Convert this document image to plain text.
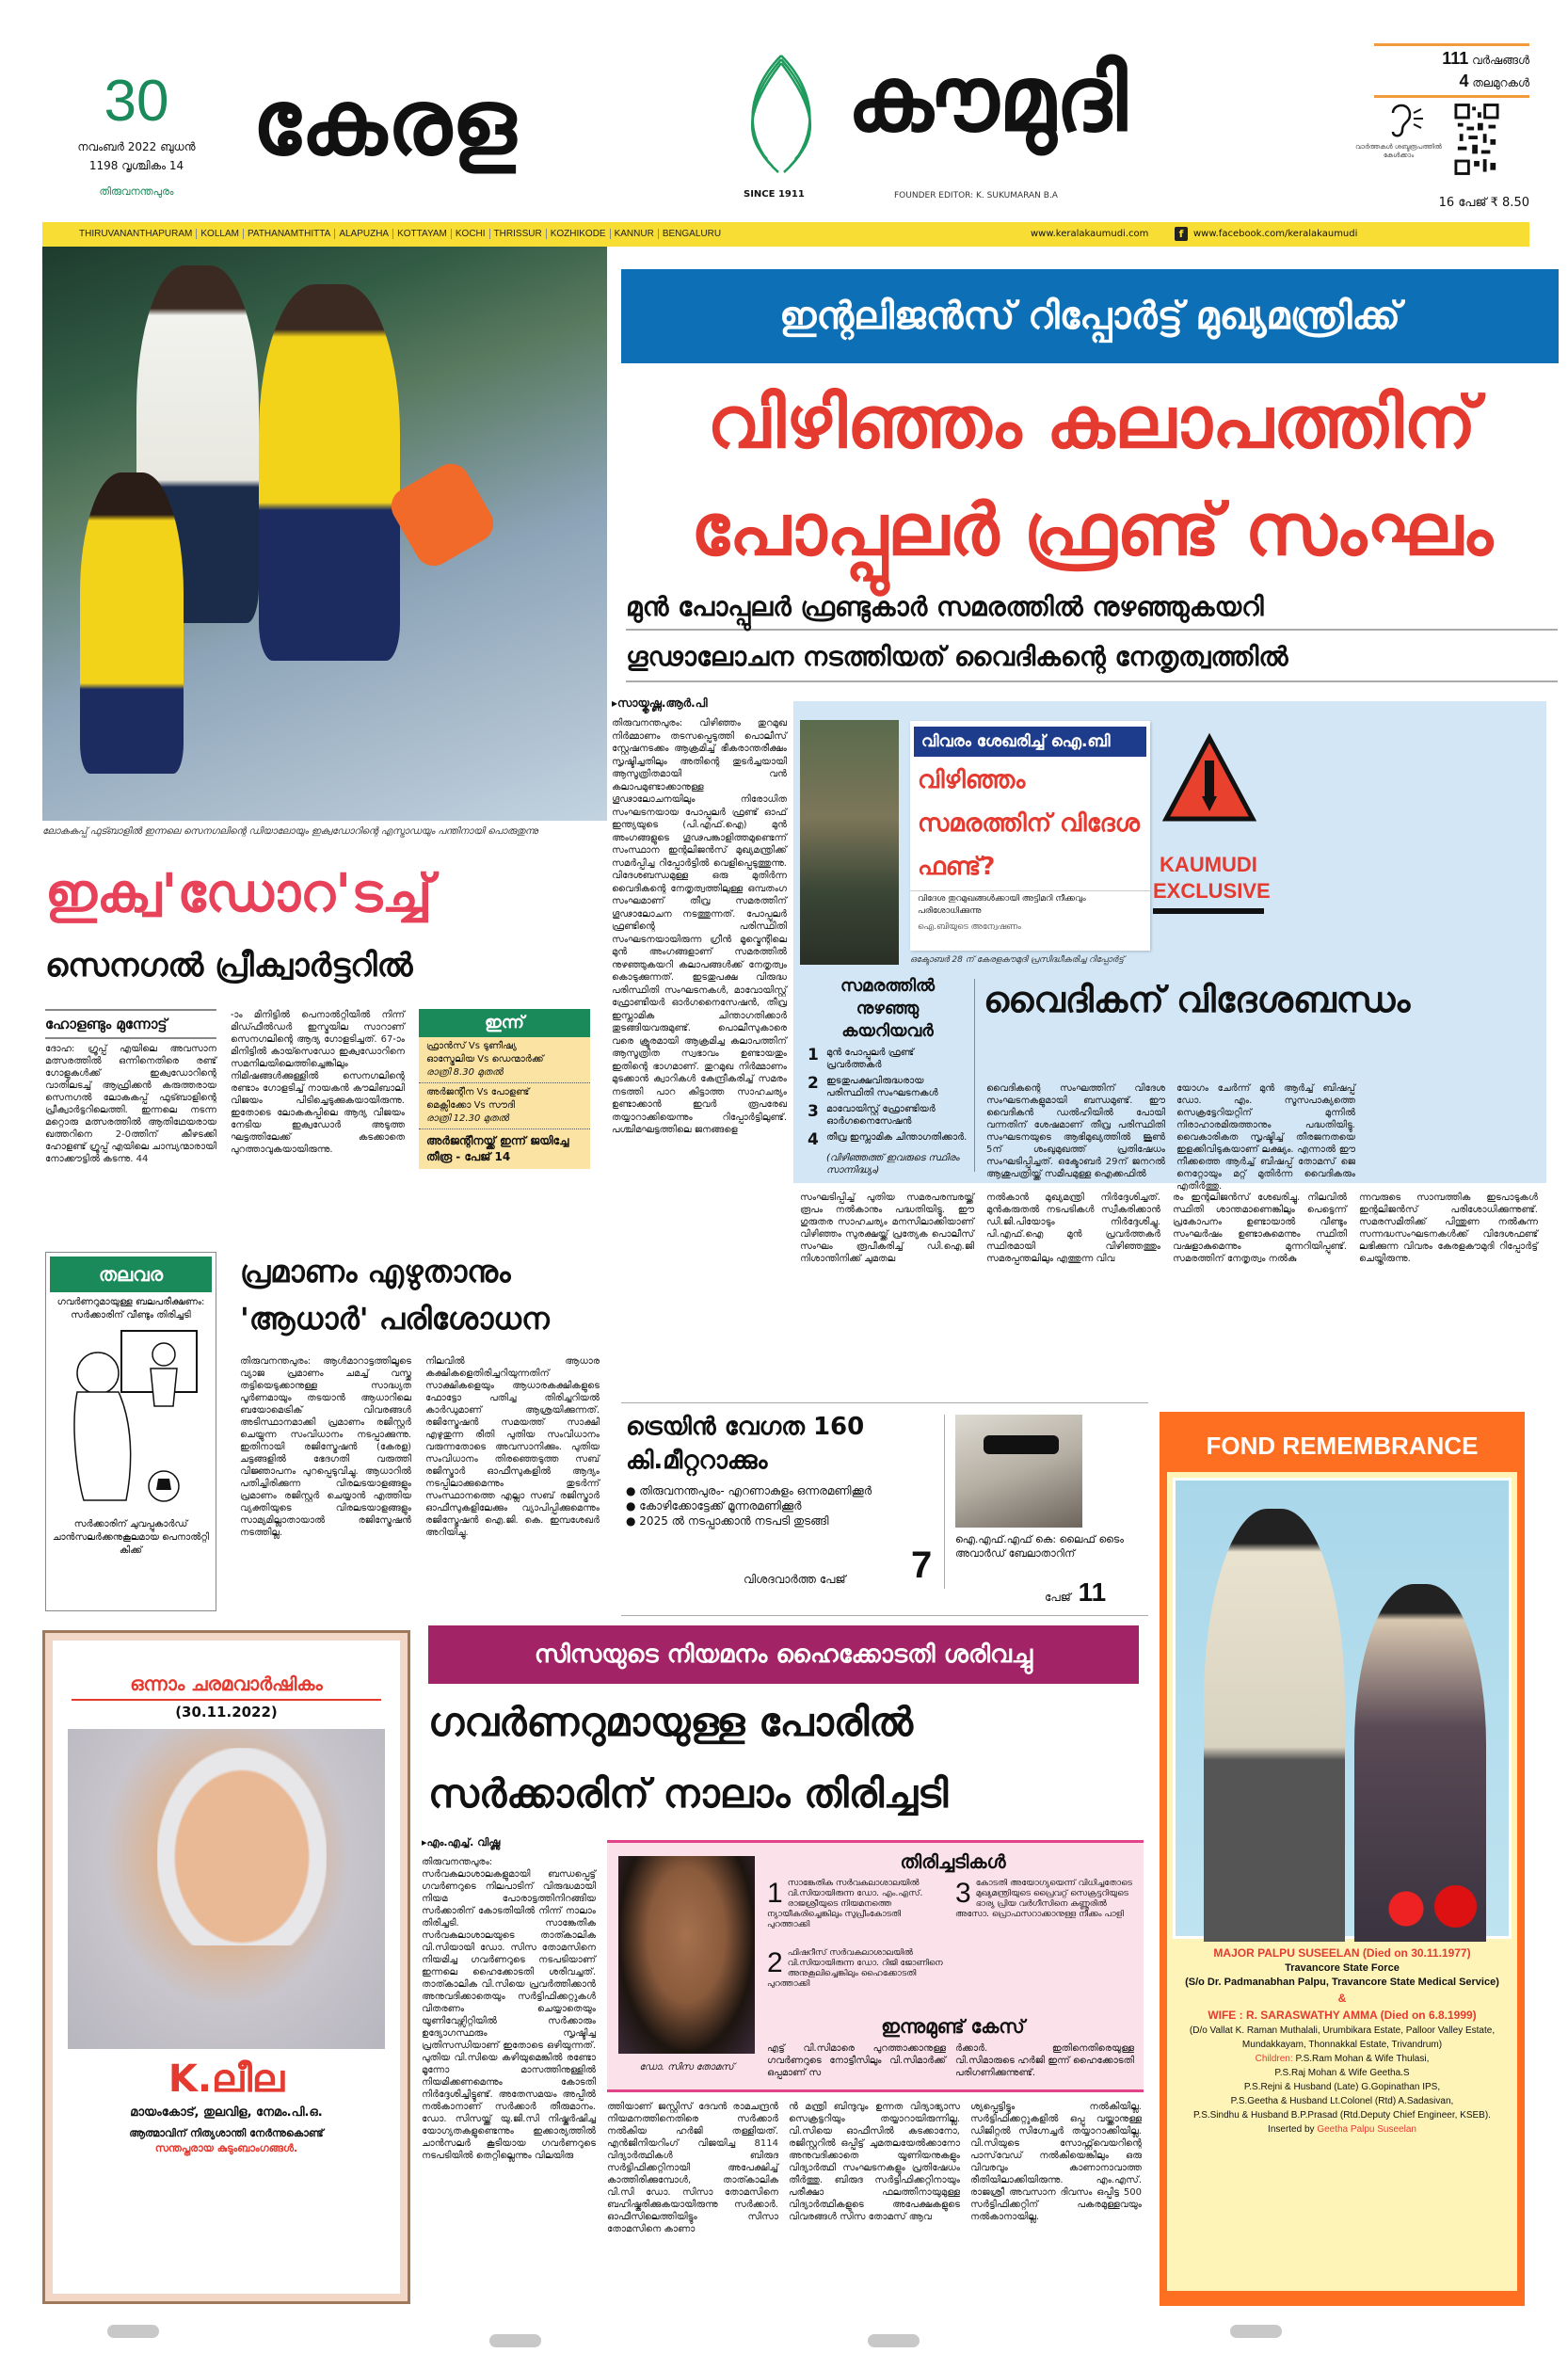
30
നവംബർ 2022 ബുധൻ
1198 വൃശ്ചികം 14
തിരുവനന്തപുരം
കേരള
SINCE 1911
കൗമുദി
FOUNDER EDITOR: K. SUKUMARAN B.A
111 വർഷങ്ങൾ
4 തലമുറകൾ
വാർത്തകൾ ശബ്ദരൂപത്തിൽ കേൾക്കാം
16 പേജ് ₹ 8.50
THIRUVANANTHAPURAM KOLLAM PATHANAMTHITTA ALAPUZHA KOTTAYAM KOCHI THRISSUR KOZHIKODE KANNUR BENGALURU	www.keralakaumudi.com	f	www.facebook.com/keralakaumudi
ലോകകപ്പ് ഫുട്ബാളിൽ ഇന്നലെ സെനഗലിന്റെ ഡിയാലോയും ഇക്വഡോറിന്റെ എസ്ട്രാഡയും പന്തിനായി പൊരുതുന്നു
ഇക്വ'ഡോറ'ടച്ച്
സെനഗൽ പ്രീക്വാർട്ടറിൽ
ഹോളണ്ടും മുന്നോട്ട്
ദോഹ: ഗ്രൂപ്പ് എയിലെ അവസാന മത്സരത്തിൽ ഒന്നിനെതിരെ രണ്ട് ഗോളുകൾക്ക് ഇക്വഡോറിന്റെ വാതിലടച്ച് ആഫ്രിക്കൻ കരുത്തരായ സെനഗൽ ലോകകപ്പ് ഫുട്ബാളിന്റെ പ്രീക്വാർട്ടറിലെത്തി. ഇന്നലെ നടന്ന മറ്റൊരു മത്സരത്തിൽ ആതിഥേയരായ ഖത്തറിനെ 2-0ത്തിന് കീഴടക്കി ഹോളണ്ട് ഗ്രൂപ്പ് എയിലെ ചാമ്പ്യന്മാരായി നോക്കൗട്ടിൽ കടന്നു. 44
-ാം മിനിട്ടിൽ പെനാൽറ്റിയിൽ നിന്ന് മിഡ്ഫീൽഡർ ഇസ്മയില സാറാണ് സെനഗലിന്റെ ആദ്യ ഗോളടിച്ചത്. 67-ാം മിനിട്ടിൽ കായ്സെഡോ ഇക്വഡോറിനെ സമനിലയിലെത്തിച്ചെങ്കിലും നിമിഷങ്ങൾക്കുള്ളിൽ സെനഗലിന്റെ രണ്ടാം ഗോളടിച്ച് നായകൻ കൗലിബാലി വിജയം പിടിച്ചെടുക്കുകയായിരുന്നു. ഇതോടെ ലോകകപ്പിലെ ആദ്യ വിജയം നേടിയ ഇക്വഡോർ അടുത്ത ഘട്ടത്തിലേക്ക് കടക്കാതെ പുറത്താവുകയായിരുന്നു.
ഇന്ന്
ഫ്രാൻസ് Vs ടുണീഷ്യ
ഓസ്ട്രേലിയ Vs ഡെന്മാർക്ക്
രാത്രി 8.30 മുതൽ
അർജന്റീന Vs പോളണ്ട്
മെക്സിക്കോ Vs സൗദി
രാത്രി 12.30 മുതൽ
അർജന്റീനയ്ക്ക് ഇന്ന് ജയിച്ചേ തീരൂ - പേജ് 14
തലവര
ഗവർണറുമായുള്ള ബലപരീക്ഷണം: സർക്കാരിന് വീണ്ടും തിരിച്ചടി
സർക്കാരിന് ചുവപ്പുകാർഡ് ചാൻസലർക്കനുകൂലമായ പെനാൽറ്റി കിക്ക്
പ്രമാണം എഴുതാനും 'ആധാർ' പരിശോധന
തിരുവനന്തപുരം: ആൾമാറാട്ടത്തിലൂടെ വ്യാജ പ്രമാണം ചമച്ച് വസ്തു തട്ടിയെടുക്കാനുള്ള സാദ്ധ്യത പൂർണമായും തടയാൻ ആധാറിലെ ബയോമെട്രിക് വിവരങ്ങൾ അടിസ്ഥാനമാക്കി പ്രമാണം രജിസ്റ്റർ ചെയ്യുന്ന സംവിധാനം നടപ്പാക്കുന്നു. ഇതിനായി രജിസ്ട്രേഷൻ (കേരള) ചട്ടങ്ങളിൽ ഭേദഗതി വരുത്തി വിജ്ഞാപനം പുറപ്പെടുവിച്ചു. ആധാറിൽ പതിച്ചിരിക്കുന്ന വിരലടയാളങ്ങളും പ്രമാണം രജിസ്റ്റർ ചെയ്യാൻ എത്തിയ വ്യക്തിയുടെ വിരലടയാളങ്ങളും സാമ്യമില്ലാതായാൽ രജിസ്ട്രേഷൻ നടത്തില്ല.
നിലവിൽ ആധാര കക്ഷികളെതിരിച്ചറിയുന്നതിന് സാക്ഷികളെയും ആധാരകക്ഷികളുടെ ഫോട്ടോ പതിച്ച തിരിച്ചറിയൽ കാർഡുമാണ് ആശ്രയിക്കുന്നത്. രജിസ്ട്രേഷൻ സമയത്ത് സാക്ഷി എഴുതുന്ന രീതി പുതിയ സംവിധാനം വരുന്നതോടെ അവസാനിക്കും. പുതിയ സംവിധാനം തിരഞ്ഞെടുത്ത സബ് രജിസ്ട്രാർ ഓഫീസുകളിൽ ആദ്യം നടപ്പിലാക്കുമെന്നും തുടർന്ന് സംസ്ഥാനത്തെ എല്ലാ സബ് രജിസ്ട്രാർ ഓഫീസുകളിലേക്കും വ്യാപിപ്പിക്കുമെന്നും രജിസ്ട്രേഷൻ ഐ.ജി. കെ. ഇമ്പശേഖർ അറിയിച്ചു.
ഇന്റലിജൻസ് റിപ്പോർട്ട് മുഖ്യമന്ത്രിക്ക്
വിഴിഞ്ഞം കലാപത്തിന്
പോപ്പുലർ ഫ്രണ്ട് സംഘം
മുൻ പോപ്പുലർ ഫ്രണ്ടുകാർ സമരത്തിൽ നുഴഞ്ഞുകയറി
ഗൂഢാലോചന നടത്തിയത് വൈദികന്റെ നേതൃത്വത്തിൽ
▸സായ്കൃഷ്ണ.ആർ.പി
തിരുവനന്തപുരം: വിഴിഞ്ഞം തുറമുഖ നിർമ്മാണം തടസപ്പെടുത്തി പൊലീസ് സ്റ്റേഷനടക്കം ആക്രമിച്ച് ഭീകരാന്തരീക്ഷം സൃഷ്ടിച്ചതിലും അതിന്റെ തുടർച്ചയായി ആസൂത്രിതമായി വൻ കലാപമുണ്ടാക്കാനുള്ള ഗൂഢാലോചനയിലും നിരോധിത സംഘടനയായ പോപ്പുലർ ഫ്രണ്ട് ഓഫ് ഇന്ത്യയുടെ (പി.എഫ്.ഐ) മുൻ അംഗങ്ങളുടെ ഗൂഢപങ്കാളിത്തമുണ്ടെന്ന് സംസ്ഥാന ഇന്റലിജൻസ് മുഖ്യമന്ത്രിക്ക് സമർപ്പിച്ച റിപ്പോർട്ടിൽ വെളിപ്പെടുത്തുന്നു. വിദേശബന്ധമുള്ള ഒരു മുതിർന്ന വൈദികന്റെ നേതൃത്വത്തിലുള്ള ഒമ്പതംഗ സംഘമാണ് തീവ്ര സമരത്തിന് ഗൂഢാലോചന നടത്തുന്നത്. പോപ്പുലർ ഫ്രണ്ടിന്റെ പരിസ്ഥിതി സംഘടനയായിരുന്ന ഗ്രീൻ മൂവ്മെന്റിലെ മുൻ അംഗങ്ങളാണ് സമരത്തിൽ നുഴഞ്ഞുകയറി കലാപങ്ങൾക്ക് നേതൃത്വം കൊടുക്കുന്നത്. ഇടതുപക്ഷ വിരുദ്ധ പരിസ്ഥിതി സംഘടനകൾ, മാവോയിസ്റ്റ് ഫ്രോണ്ടിയർ ഓർഗനൈസേഷൻ, തീവ്ര ഇസ്ലാമിക ചിന്താഗതിക്കാർ തുടങ്ങിയവരുമുണ്ട്. പൊലീസുകാരെ വരെ ക്രൂരമായി ആക്രമിച്ച കലാപത്തിന് ആസൂത്രിത സ്വഭാവം ഉണ്ടായതും ഇതിന്റെ ഭാഗമാണ്. തുറമുഖ നിർമ്മാണം മുടക്കാൻ ക്വാറികൾ കേന്ദ്രീകരിച്ച് സമരം നടത്തി പാറ കിട്ടാത്ത സാഹചര്യം ഉണ്ടാക്കാൻ ഇവർ രൂപരേഖ തയ്യാറാക്കിയെന്നും റിപ്പോർട്ടിലുണ്ട്. പശ്ചിമഘട്ടത്തിലെ ജനങ്ങളെ
വിവരം ശേഖരിച്ച് ഐ.ബി
വിഴിഞ്ഞം സമരത്തിന് വിദേശ ഫണ്ട്?
വിദേശ തുറമുഖങ്ങൾക്കായി അട്ടിമറി നീക്കവും പരിശോധിക്കുന്നു
ഐ.ബിയുടെ അന്വേഷണം
ഒക്ടോബർ 28 ന് കേരളകൗമുദി പ്രസിദ്ധീകരിച്ച റിപ്പോർട്ട്
KAUMUDI
EXCLUSIVE
സമരത്തിൽ നുഴഞ്ഞു കയറിയവർ
1 മുൻ പോപ്പുലർ ഫ്രണ്ട് പ്രവർത്തകർ
2 ഇടതുപക്ഷവിരുദ്ധരായ പരിസ്ഥിതി സംഘടനകൾ
3 മാവോയിസ്റ്റ് ഫ്രോണ്ടിയർ ഓർഗനൈസേഷൻ
4 തീവ്ര ഇസ്ലാമിക ചിന്താഗതിക്കാർ.
(വിഴിഞ്ഞത്ത് ഇവരുടെ സ്ഥിരം സാന്നിദ്ധ്യം)
വൈദികന് വിദേശബന്ധം
വൈദികന്റെ സംഘത്തിന് വിദേശ സംഘടനകളുമായി ബന്ധമുണ്ട്. ഈ വൈദികൻ ഡൽഹിയിൽ പോയി വന്നതിന് ശേഷമാണ് തീവ്ര പരിസ്ഥിതി സംഘടനയുടെ ആഭിമുഖ്യത്തിൽ ജൂൺ 5ന് ശംഖുമുഖത്ത് പ്രതിഷേധം സംഘടിപ്പിച്ചത്. ഒക്ടോബർ 29ന് ജനറൽ ആശുപത്രിയ്ക്ക് സമീപമുള്ള ഐക്കഫിൽ
യോഗം ചേർന്ന് മുൻ ആർച്ച് ബിഷപ്പ് ഡോ. എം. സൂസപാക്യത്തെ സെക്രട്ടേറിയറ്റിന് മുന്നിൽ നിരാഹാരമിരുത്താനും പദ്ധതിയിട്ടു. വൈകാരികത സൃഷ്ടിച്ച് തീരജനതയെ ഇളക്കിവിടുകയാണ് ലക്ഷ്യം. എന്നാൽ ഈ നീക്കത്തെ ആർച്ച് ബിഷപ്പ് തോമസ് ജെ നെറ്റോയും മറ്റ് മുതിർന്ന വൈദികരും എതിർത്തു.
സംഘടിപ്പിച്ച് പുതിയ സമരപരമ്പരയ്ക്ക് രൂപം നൽകാനും പദ്ധതിയിട്ടു. ഈ ഗുരുതര സാഹചര്യം മനസിലാക്കിയാണ് വിഴിഞ്ഞം സുരക്ഷയ്ക്ക് പ്രത്യേക പൊലീസ് സംഘം രൂപീകരിച്ച് ഡി.ഐ.ജി നിശാന്തിനിക്ക് ചുമതല
നൽകാൻ മുഖ്യമന്ത്രി നിർദ്ദേശിച്ചത്. മുൻകരുതൽ നടപടികൾ സ്വീകരിക്കാൻ ഡി.ജി.പിയോടും നിർദ്ദേശിച്ചു. പി.എഫ്.ഐ മുൻ പ്രവർത്തകർ സ്ഥിരമായി വിഴിഞ്ഞത്തും സമരപ്പന്തലിലും എത്തുന്ന വിവ
രം ഇന്റലിജൻസ് ശേഖരിച്ചു. നിലവിൽ സ്ഥിതി ശാന്തമാണെങ്കിലും പെട്ടെന്ന് പ്രകോപനം ഉണ്ടായാൽ വീണ്ടും സംഘർഷം ഉണ്ടാകുമെന്നും സ്ഥിതി വഷളാകുമെന്നും മുന്നറിയിപ്പുണ്ട്. സമരത്തിന് നേതൃത്വം നൽകു
ന്നവരുടെ സാമ്പത്തിക ഇടപാടുകൾ ഇന്റലിജൻസ് പരിശോധിക്കുന്നുണ്ട്. സമരസമിതിക്ക് പിന്തുണ നൽകുന്ന സന്നദ്ധസംഘടനകൾക്ക് വിദേശഫണ്ട് ലഭിക്കുന്ന വിവരം കേരളകൗമുദി റിപ്പോർട്ട് ചെയ്തിരുന്നു.
ട്രെയിൻ വേഗത 160 കി.മീറ്ററാക്കും
● തിരുവനന്തപുരം- എറണാകുളം ഒന്നരമണിക്കൂർ
● കോഴിക്കോട്ടേക്ക് മൂന്നരമണിക്കൂർ
● 2025 ൽ നടപ്പാക്കാൻ നടപടി തുടങ്ങി
വിശദവാർത്ത പേജ് 7
ഐ.എഫ്.എഫ് കെ: ലൈഫ് ടൈം അവാർഡ് ബേലാതാറിന്
പേജ് 11
FOND REMEMBRANCE
MAJOR PALPU SUSEELAN (Died on 30.11.1977)
Travancore State Force
(S/o Dr. Padmanabhan Palpu, Travancore State Medical Service)
&
WIFE : R. SARASWATHY AMMA (Died on 6.8.1999)
(D/o Vallat K. Raman Muthalali, Urumbikara Estate, Palloor Valley Estate, Mundakkayam, Thonnakkal Estate, Trivandrum)
Children: P.S.Ram Mohan & Wife Thulasi,
P.S.Raj Mohan & Wife Geetha.S
P.S.Rejni & Husband (Late) G.Gopinathan IPS,
P.S.Geetha & Husband Lt.Colonel (Rtd) A.Sadasivan,
P.S.Sindhu & Husband B.P.Prasad (Rtd.Deputy Chief Engineer, KSEB).
Inserted by Geetha Palpu Suseelan
ഒന്നാം ചരമവാർഷികം
(30.11.2022)
K.ലീല
മായംകോട്, തുലവിള, നേമം.പി.ഒ.
ആത്മാവിന് നിത്യശാന്തി നേർന്നുകൊണ്ട്
സന്തപ്തരായ കുടുംബാംഗങ്ങൾ.
സിസയുടെ നിയമനം ഹൈക്കോടതി ശരിവച്ചു
ഗവർണറുമായുള്ള പോരിൽ
സർക്കാരിന് നാലാം തിരിച്ചടി
▸എം.എച്ച്. വിഷ്ണു
തിരുവനന്തപുരം: സർവകലാശാലകളുമായി ബന്ധപ്പെട്ട് ഗവർണറുടെ നിലപാടിന് വിരുദ്ധമായി നിയമ പോരാട്ടത്തിനിറങ്ങിയ സർക്കാരിന് കോടതിയിൽ നിന്ന് നാലാം തിരിച്ചടി. സാങ്കേതിക സർവകലാശാലയുടെ താത്കാലിക വി.സിയായി ഡോ. സിസ തോമസിനെ നിയമിച്ച ഗവർണറുടെ നടപടിയാണ് ഇന്നലെ ഹൈക്കോടതി ശരിവച്ചത്. താത്കാലിക വി.സിയെ പ്രവർത്തിക്കാൻ അനുവദിക്കാതെയും സർട്ടിഫിക്കറ്റുകൾ വിതരണം ചെയ്യാതെയും യൂണിവേഴ്സിറ്റിയിൽ സർക്കാരും ഉദ്യോഗസ്ഥരും സൃഷ്ടിച്ച പ്രതിസന്ധിയാണ് ഇതോടെ ഒഴിയുന്നത്. പുതിയ വി.സിയെ കഴിയുമെങ്കിൽ രണ്ടോ മൂന്നോ മാസത്തിനുള്ളിൽ നിയമിക്കണമെന്നും കോടതി നിർദ്ദേശിച്ചിട്ടുണ്ട്. അതേസമയം അപ്പീൽ നൽകാനാണ് സർക്കാർ തീരുമാനം. ഡോ. സിസയ്ക്ക് യു.ജി.സി നിഷ്കർഷിച്ച യോഗ്യതകളുണ്ടെന്നും ഇക്കാര്യത്തിൽ ചാൻസലർ കൂടിയായ ഗവർണറുടെ നടപടിയിൽ തെറ്റില്ലെന്നും വിലയിരു
ഡോ. സിസ തോമസ്
തിരിച്ചടികൾ
1 സാങ്കേതിക സർവകലാശാലയിൽ വി.സിയായിരുന്ന ഡോ. എം.എസ്. രാജശ്രീയുടെ നിയമനത്തെ ന്യായീകരിച്ചെങ്കിലും സുപ്രീംകോടതി പുറത്താക്കി
2 ഫിഷറീസ് സർവകലാശാലയിൽ വി.സിയായിരുന്ന ഡോ. റിജി ജോണിനെ അനുകൂലിച്ചെങ്കിലും ഹൈക്കോടതി പുറത്താക്കി
3 കോടതി അയോഗ്യയെന്ന് വിധിച്ചതോടെ മുഖ്യമന്ത്രിയുടെ പ്രൈവറ്റ് സെക്രട്ടറിയുടെ ഭാര്യ പ്രിയ വർഗീസിനെ കണ്ണൂരിൽ അസോ. പ്രൊഫസറാക്കാനുള്ള നീക്കം പാളി
ഇന്നുമുണ്ട് കേസ്
എട്ട് വി.സിമാരെ പുറത്താക്കാനുള്ള ഗവർണറുടെ നോട്ടീസിലും വി.സിമാർക്ക് ഒപ്പമാണ് സ
ർക്കാർ. ഇതിനെതിരെയുള്ള വി.സിമാരുടെ ഹർജി ഇന്ന് ഹൈക്കോടതി പരിഗണിക്കുന്നുണ്ട്.
ത്തിയാണ് ജസ്റ്റിസ് ദേവൻ രാമചന്ദ്രൻ നിയമനത്തിനെതിരെ സർക്കാർ നൽകിയ ഹർജി തള്ളിയത്. എൻജിനിയറിംഗ് വിജയിച്ച 8114 വിദ്യാർത്ഥികൾ ബിരുദ സർട്ടിഫിക്കറ്റിനായി അപേക്ഷിച്ച് കാത്തിരിക്കുമ്പോൾ, താത്കാലിക വി.സി ഡോ. സിസാ തോമസിനെ ബഹിഷ്കരിക്കുകയായിരുന്നു സർക്കാർ. ഓഫീസിലെത്തിയിട്ടും സിസാ തോമസിനെ കാണാ
ൻ മന്ത്രി ബിന്ദുവും ഉന്നത വിദ്യാഭ്യാസ സെക്രട്ടറിയും തയ്യാറായിരുന്നില്ല. വി.സിയെ ഓഫീസിൽ കടക്കാനോ, രജിസ്റ്ററിൽ ഒപ്പിട്ട് ചുമതലയേൽക്കാനോ അനുവദിക്കാതെ യൂണിയനുകളും വിദ്യാർത്ഥി സംഘടനകളും പ്രതിഷേധം തീർത്തു. ബിരുദ സർട്ടിഫിക്കറ്റിനായും പരീക്ഷാ ഫലത്തിനായുമുള്ള വിദ്യാർത്ഥികളുടെ അപേക്ഷകളുടെ വിവരങ്ങൾ സിസ തോമസ് ആവ
ശ്യപ്പെട്ടിട്ടും നൽകിയില്ല. സർട്ടിഫിക്കറ്റുകളിൽ ഒപ്പു വയ്ക്കാനുള്ള ഡിജിറ്റൽ സിഗ്നേച്ചർ തയ്യാറാക്കിയില്ല. വി.സിയുടെ സോഫ്റ്റ്‌വെയറിന്റെ പാസ്‌വേഡ് നൽകിയെങ്കിലും ഒരു വിവരവും കാണാനാവാത്ത രീതിയിലാക്കിയിരുന്നു. എം.എസ്. രാജശ്രീ അവസാന ദിവസം ഒപ്പിട്ട 500 സർട്ടിഫിക്കറ്റിന് പകരമുള്ളവയും നൽകാനായില്ല.
